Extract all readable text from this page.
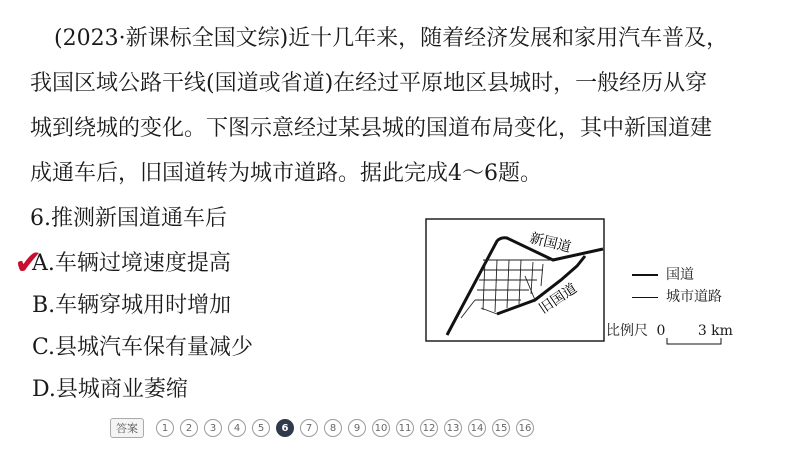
(2023·新课标全国文综)近十几年来，随着经济发展和家用汽车普及，
我国区域公路干线(国道或省道)在经过平原地区县城时，一般经历从穿
城到绕城的变化。下图示意经过某县城的国道布局变化，其中新国道建
成通车后，旧国道转为城市道路。据此完成4～6题。
6.推测新国道通车后
✔
A.车辆过境速度提高
B.车辆穿城用时增加
C.县城汽车保有量减少
D.县城商业萎缩
新国道
旧国道
国道
城市道路
比例尺 0 3 km
答案	1	2	3	4	5	6	7	8	9	10 11 12 13 14 15 16
